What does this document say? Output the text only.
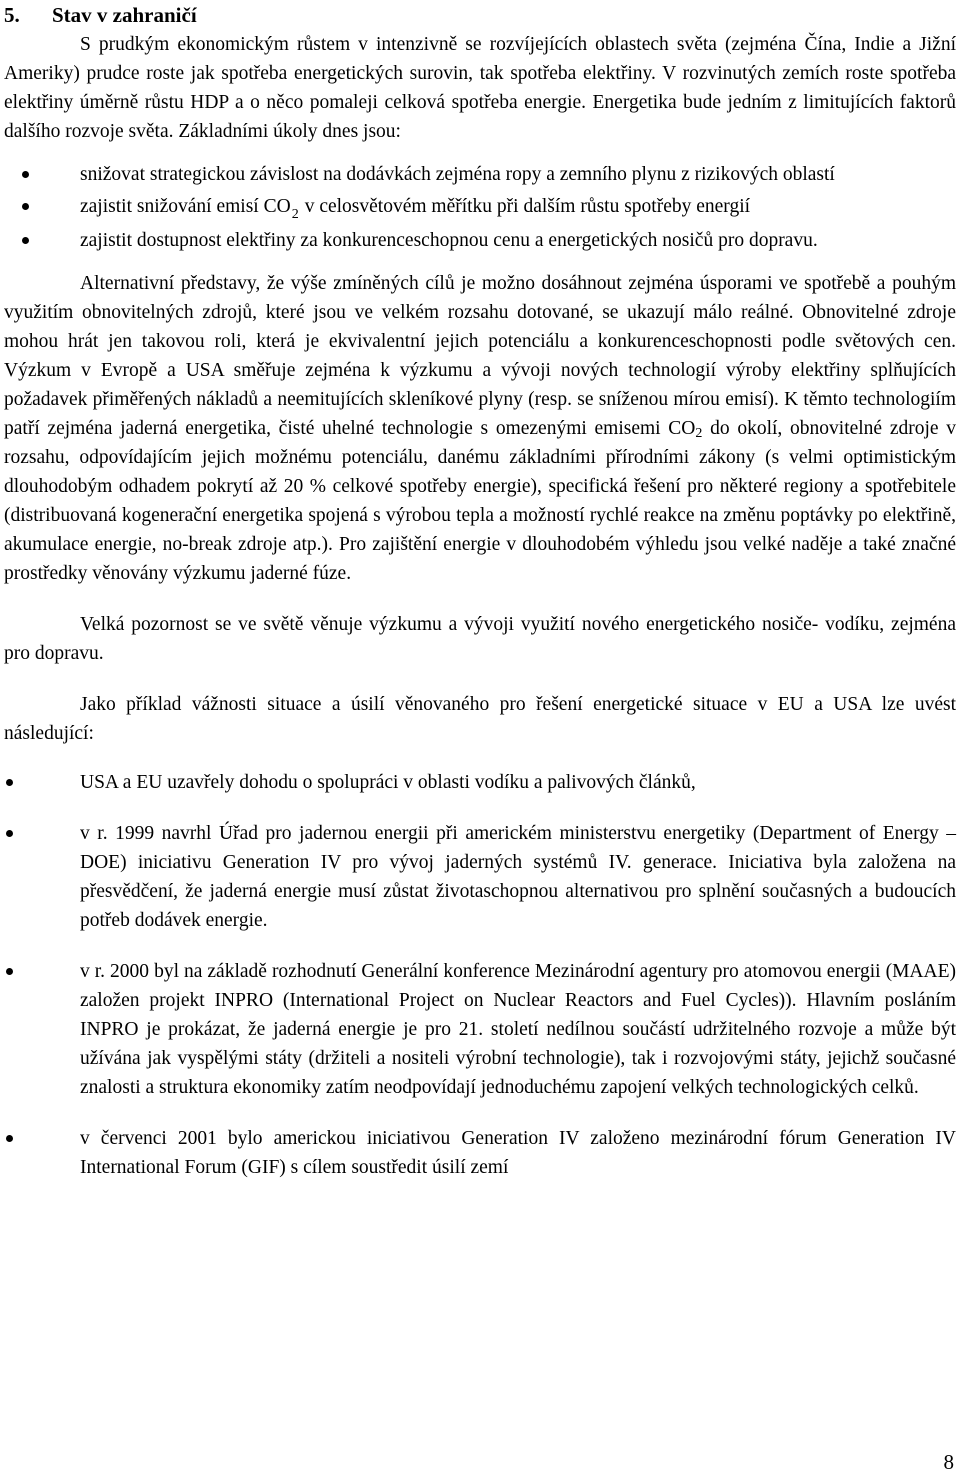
5. Stav v zahraničí

S prudkým ekonomickým růstem v intenzivně se rozvíjejících oblastech světa (zejména Čína, Indie a Jižní Ameriky) prudce roste jak spotřeba energetických surovin, tak spotřeba elektřiny. V rozvinutých zemích roste spotřeba elektřiny úměrně růstu HDP a o něco pomaleji celková spotřeba energie. Energetika bude jedním z limitujících faktorů dalšího rozvoje světa. Základními úkoly dnes jsou:

snižovat strategickou závislost na dodávkách zejména ropy a zemního plynu z rizikových oblastí
zajistit snižování emisí $CO_2$ v celosvětovém měřítku při dalším růstu spotřeby energií
zajistit dostupnost elektřiny za konkurenceschopnou cenu a energetických nosičů pro dopravu.

Alternativní představy, že výše zmíněných cílů je možno dosáhnout zejména úsporami ve spotřebě a pouhým využitím obnovitelných zdrojů, které jsou ve velkém rozsahu dotované, se ukazují málo reálné. Obnovitelné zdroje mohou hrát jen takovou roli, která je ekvivalentní jejich potenciálu a konkurenceschopnosti podle světových cen. Výzkum v Evropě a USA směřuje zejména k výzkumu a vývoji nových technologií výroby elektřiny splňujících požadavek přiměřených nákladů a neemitujících skleníkové plyny (resp. se sníženou mírou emisí). K těmto technologiím patří zejména jaderná energetika, čisté uhelné technologie s omezenými emisemi $CO_2$ do okolí, obnovitelné zdroje v rozsahu, odpovídajícím jejich možnému potenciálu, danému základními přírodními zákony (s velmi optimistickým dlouhodobým odhadem pokrytí až 20 % celkové spotřeby energie), specifická řešení pro některé regiony a spotřebitele (distribuovaná kogenerační energetika spojená s výrobou tepla a možností rychlé reakce na změnu poptávky po elektřině, akumulace energie, no-break zdroje atp.). Pro zajištění energie v dlouhodobém výhledu jsou velké naděje a také značné prostředky věnovány výzkumu jaderné fúze.

Velká pozornost se ve světě věnuje výzkumu a vývoji využití nového energetického nosiče- vodíku, zejména pro dopravu.

Jako příklad vážnosti situace a úsilí věnovaného pro řešení energetické situace v EU a USA lze uvést následující:

USA a EU uzavřely dohodu o spolupráci v oblasti vodíku a palivových článků,
v r. 1999 navrhl Úřad pro jadernou energii při americkém ministerstvu energetiky (Department of Energy – DOE) iniciativu Generation IV pro vývoj jaderných systémů IV. generace. Iniciativa byla založena na přesvědčení, že jaderná energie musí zůstat životaschopnou alternativou pro splnění současných a budoucích potřeb dodávek energie.
v r. 2000 byl na základě rozhodnutí Generální konference Mezinárodní agentury pro atomovou energii (MAAE) založen projekt INPRO (International Project on Nuclear Reactors and Fuel Cycles)). Hlavním posláním INPRO je prokázat, že jaderná energie je pro 21. století nedílnou součástí udržitelného rozvoje a může být užívána jak vyspělými státy (držiteli a nositeli výrobní technologie), tak i rozvojovými státy, jejichž současné znalosti a struktura ekonomiky zatím neodpovídají jednoduchému zapojení velkých technologických celků.
v červenci 2001 bylo americkou iniciativou Generation IV založeno mezinárodní fórum Generation IV International Forum (GIF) s cílem soustředit úsilí zemí
8
